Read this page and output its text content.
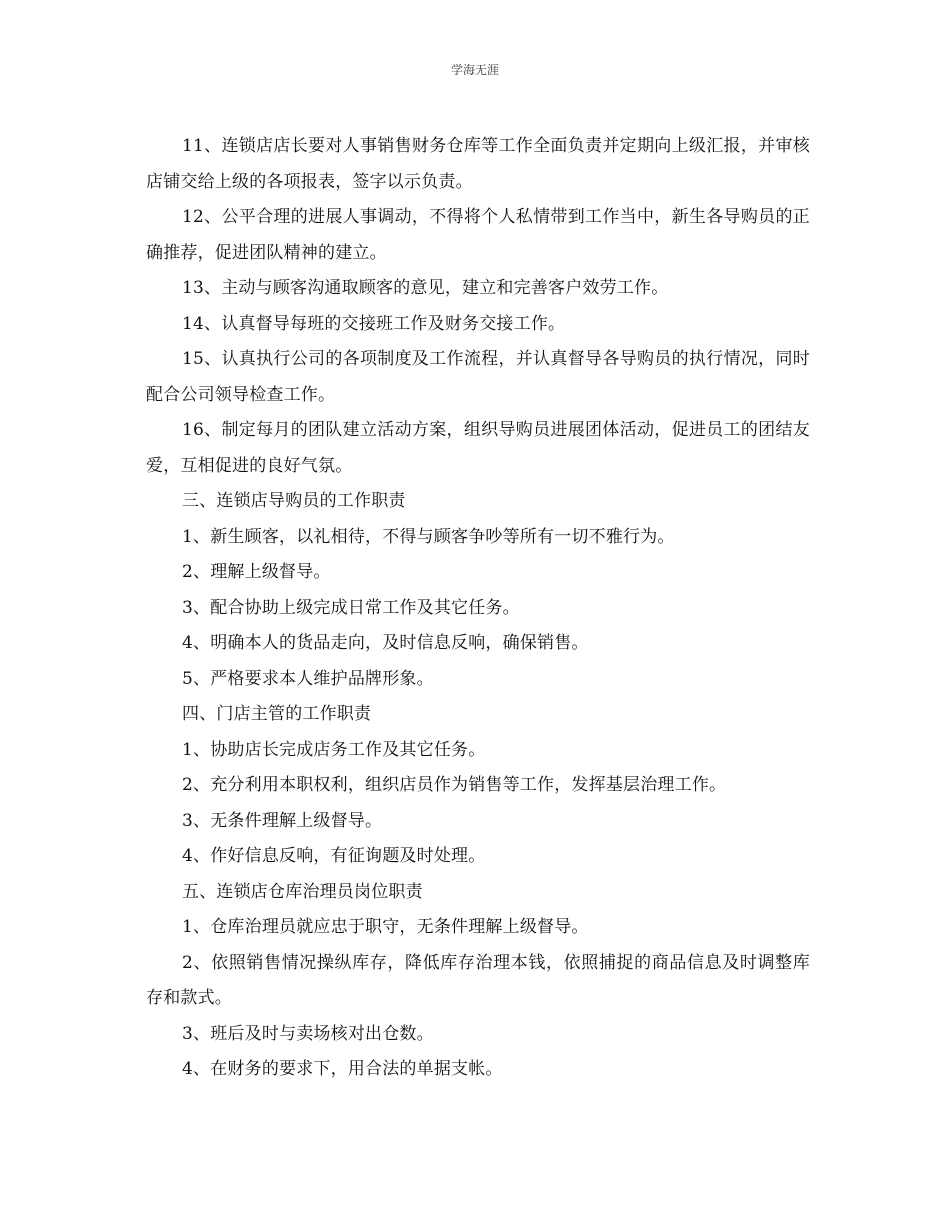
学海无涯

11、连锁店店长要对人事销售财务仓库等工作全面负责并定期向上级汇报，并审核店铺交给上级的各项报表，签字以示负责。

12、公平合理的进展人事调动，不得将个人私情带到工作当中，新生各导购员的正确推荐，促进团队精神的建立。

13、主动与顾客沟通取顾客的意见，建立和完善客户效劳工作。

14、认真督导每班的交接班工作及财务交接工作。

15、认真执行公司的各项制度及工作流程，并认真督导各导购员的执行情况，同时配合公司领导检查工作。

16、制定每月的团队建立活动方案，组织导购员进展团体活动，促进员工的团结友爱，互相促进的良好气氛。

三、连锁店导购员的工作职责

1、新生顾客，以礼相待，不得与顾客争吵等所有一切不雅行为。

2、理解上级督导。

3、配合协助上级完成日常工作及其它任务。

4、明确本人的货品走向，及时信息反响，确保销售。

5、严格要求本人维护品牌形象。

四、门店主管的工作职责

1、协助店长完成店务工作及其它任务。

2、充分利用本职权利，组织店员作为销售等工作，发挥基层治理工作。

3、无条件理解上级督导。

4、作好信息反响，有征询题及时处理。

五、连锁店仓库治理员岗位职责

1、仓库治理员就应忠于职守，无条件理解上级督导。

2、依照销售情况操纵库存，降低库存治理本钱，依照捕捉的商品信息及时调整库存和款式。

3、班后及时与卖场核对出仓数。

4、在财务的要求下，用合法的单据支帐。
